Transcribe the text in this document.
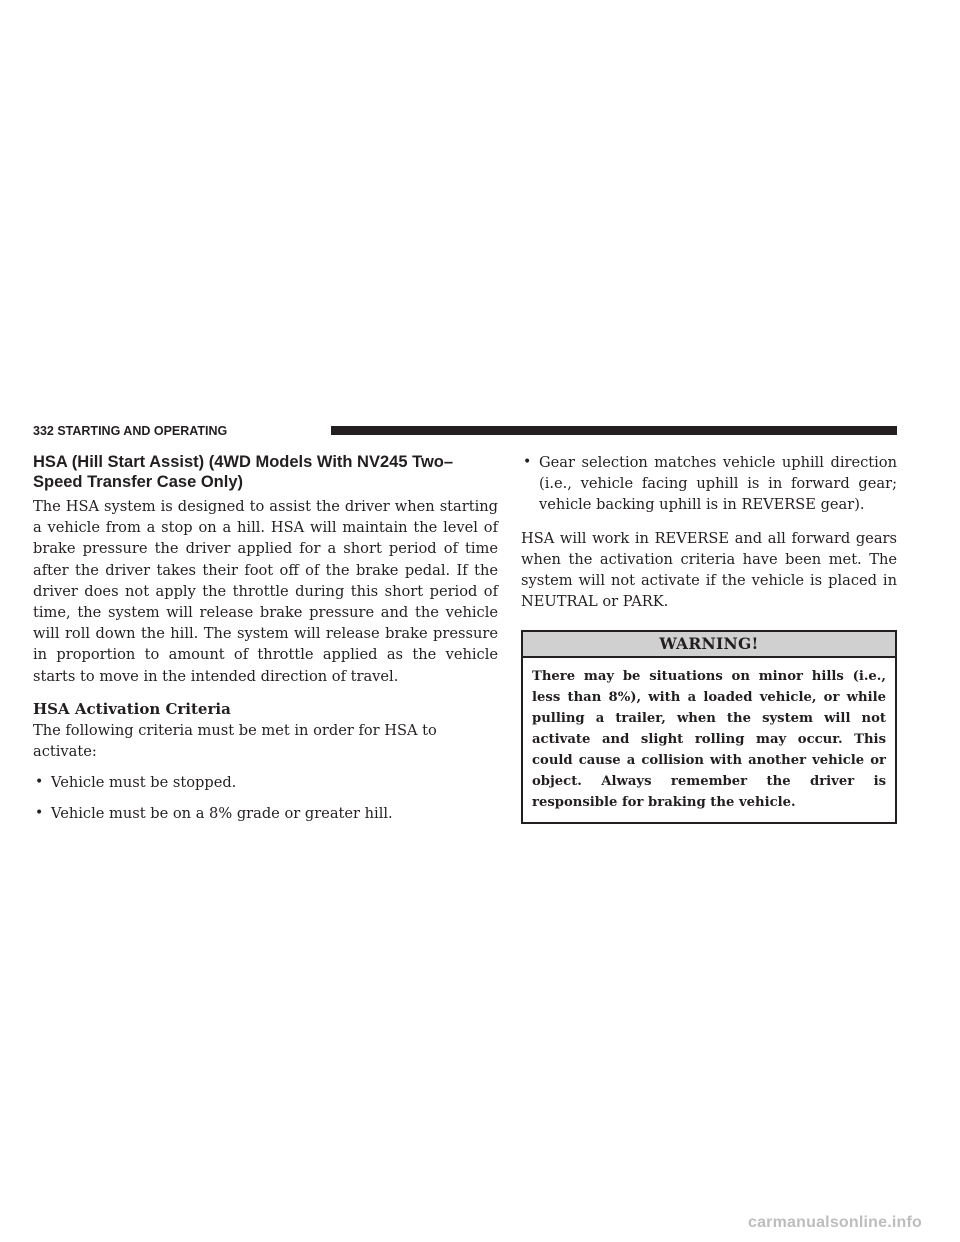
332 STARTING AND OPERATING
HSA (Hill Start Assist) (4WD Models With NV245 Two–Speed Transfer Case Only)

The HSA system is designed to assist the driver when starting a vehicle from a stop on a hill. HSA will maintain the level of brake pressure the driver applied for a short period of time after the driver takes their foot off of the brake pedal. If the driver does not apply the throttle during this short period of time, the system will release brake pressure and the vehicle will roll down the hill. The system will release brake pressure in proportion to amount of throttle applied as the vehicle starts to move in the intended direction of travel.

HSA Activation Criteria

The following criteria must be met in order for HSA to activate:

• Vehicle must be stopped.
• Vehicle must be on a 8% grade or greater hill.
• Gear selection matches vehicle uphill direction (i.e., vehicle facing uphill is in forward gear; vehicle backing uphill is in REVERSE gear).

HSA will work in REVERSE and all forward gears when the activation criteria have been met. The system will not activate if the vehicle is placed in NEUTRAL or PARK.

WARNING!
There may be situations on minor hills (i.e., less than 8%), with a loaded vehicle, or while pulling a trailer, when the system will not activate and slight rolling may occur. This could cause a collision with another vehicle or object. Always remember the driver is responsible for braking the vehicle.
carmanualsonline.info
